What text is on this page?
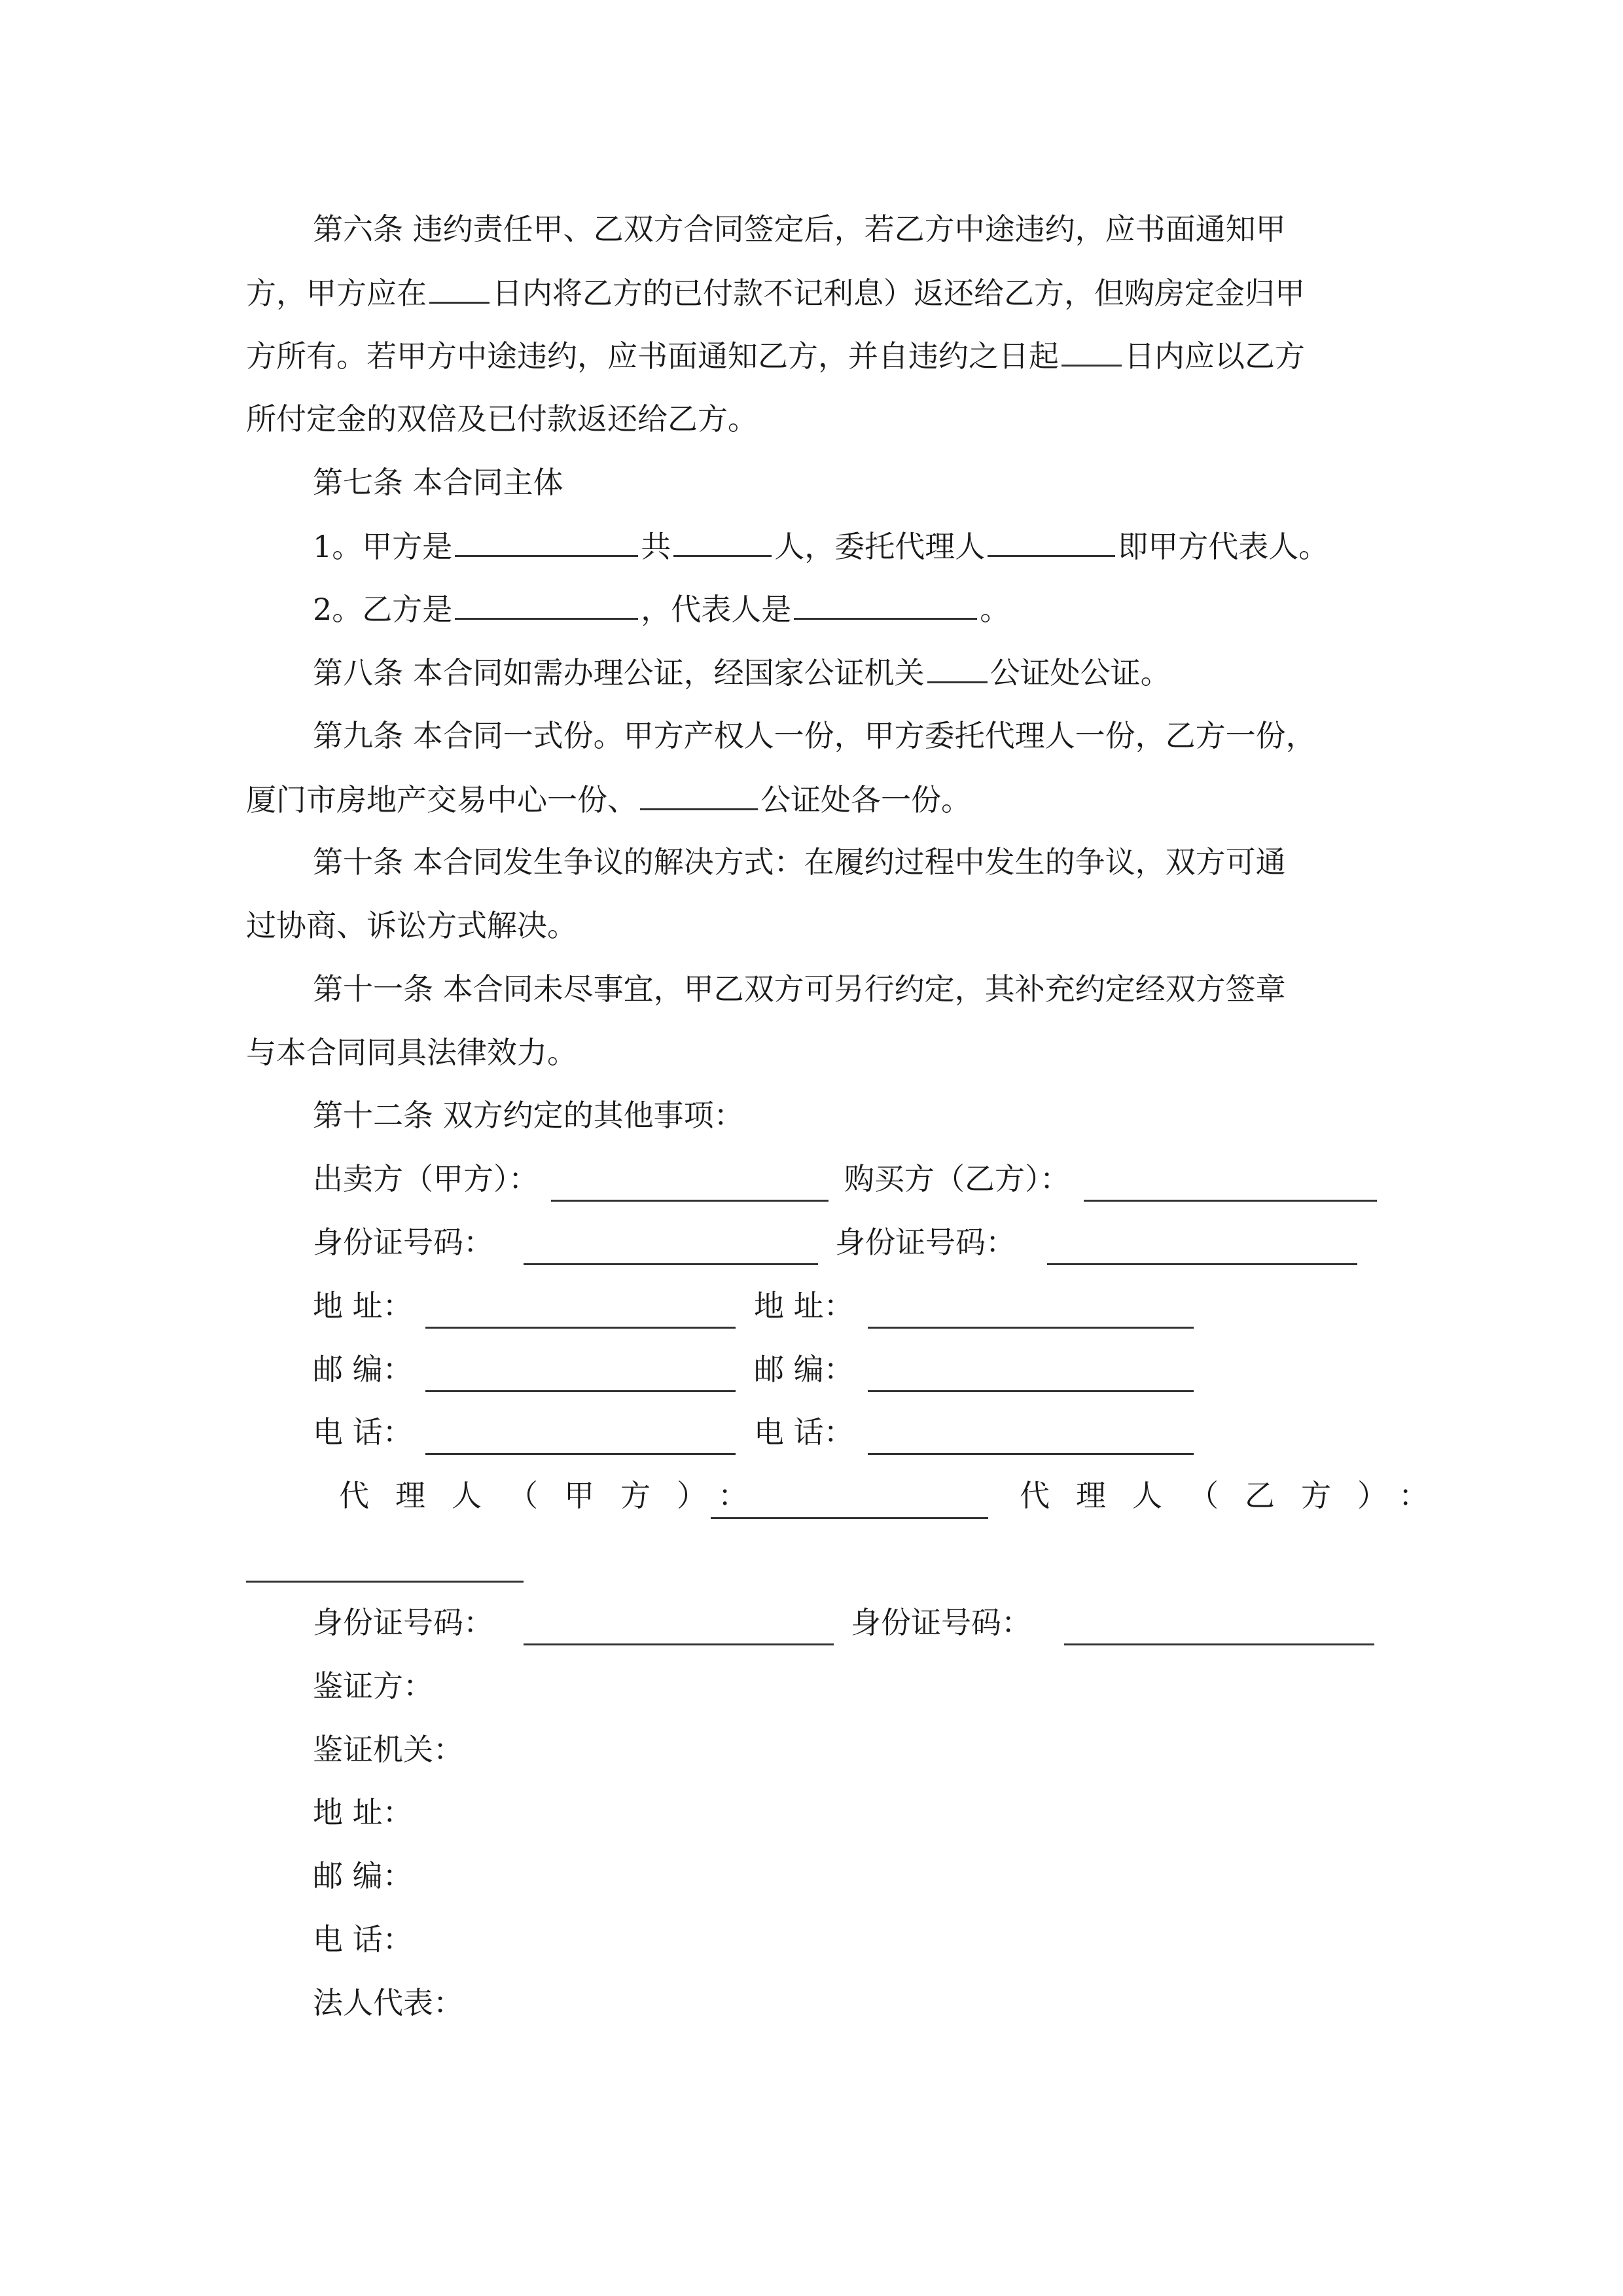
第六条 违约责任甲、乙双方合同签定后，若乙方中途违约，应书面通知甲
方，甲方应在 日内将乙方的已付款不记利息）返还给乙方，但购房定金归甲
方所有。若甲方中途违约，应书面通知乙方，并自违约之日起 日内应以乙方
所付定金的双倍及已付款返还给乙方。
第七条 本合同主体
1。甲方是	共	人，委托代理人	即甲方代表人。
2。乙方是	，代表人是	。
第八条 本合同如需办理公证，经国家公证机关 公证处公证。
第九条 本合同一式份。甲方产权人一份，甲方委托代理人一份，乙方一份，
厦门市房地产交易中心一份、	公证处各一份。
第十条 本合同发生争议的解决方式：在履约过程中发生的争议，双方可通
过协商、诉讼方式解决。
第十一条 本合同未尽事宜，甲乙双方可另行约定，其补充约定经双方签章
与本合同同具法律效力。
第十二条 双方约定的其他事项：
出卖方（甲方）：	购买方（乙方）：
身份证号码：	身份证号码：
地 址：	地 址：
邮 编：	邮 编：
电 话：	电 话：
代理人（甲方）：	代理人（乙方）：
身份证号码：	身份证号码：
鉴证方：
鉴证机关：
地 址：
邮 编：
电 话：
法人代表：
